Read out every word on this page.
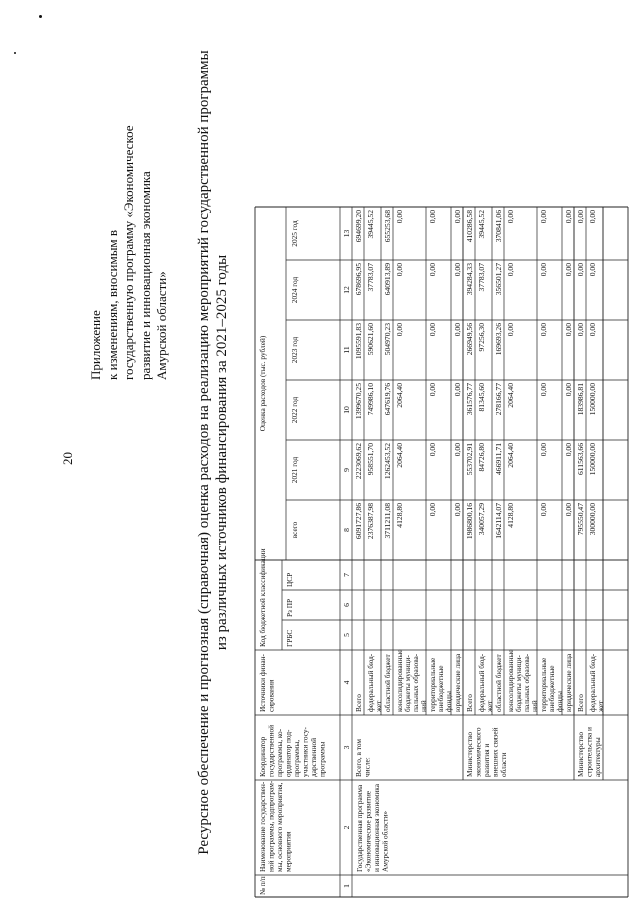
20
Приложение к изменениям, вносимым в государственную программу «Экономическое развитие и инновационная экономика Амурской области» Ресурсное обеспечение и прогнозная (справочная) оценка расходов на реализацию мероприятий государственной программы из различных источников финансирования за 2021–2025 годы
№ п/п
Наименование государствен- ной программы, подпрограм- мы, основного мероприятия, мероприятия
Координатор государственной программы, ко- ординатор под- программы, участники госу- дарственной программы
Источники финан- сирования
Код бюджетной классификации ГРБС
Рз ПР
ЦСР
Оценка расходов (тыс. рублей)
всего
2021 год
2022 год
2023 год
2024 год
2025 год
1
2
3
4
5
6
7
8
9
10
11
12
13
Государственная программа «Экономическое развитие и инновационная экономика Амурской области»
Всего, в том числе:
Всего
6091727,86
2223069,62
1399670,25
1095591,83
678696,95
694699,20
федеральный бюд- жет
2376387,98
958551,70
749986,10
590621,60
37783,07
39445,52
областной бюджет
3711211,08
1262453,52
647619,76
504970,23
640913,89
655253,68
консолидированные бюджеты муници- пальных образова- ний
4128,80
2064,40
2064,40
0,00
0,00
0,00
территориальные внебюджетные фонды
0,00
0,00
0,00
0,00
0,00
0,00
юридические лица
0,00
0,00
0,00
0,00
0,00
0,00
Министерство экономического развития и внешних связей области
Всего
1986800,16
553702,91
361576,77
266949,56
394284,33
410286,58
федеральный бюд- жет
340057,29
84726,80
81345,60
97256,30
37783,07
39445,52
областной бюджет
1642114,07
466911,71
278166,77
169693,26
356501,27
370841,06
консолидированные бюджеты муници- пальных образова- ний
4128,80
2064,40
2064,40
0,00
0,00
0,00
территориальные внебюджетные фонды
0,00
0,00
0,00
0,00
0,00
0,00
юридические лица
0,00
0,00
0,00
0,00
0,00
0,00
Министерство строительства и архитектуры
Всего
795550,47
611563,66
183986,81
0,00
0,00
0,00
федеральный бюд- жет
300000,00
150000,00
150000,00
0,00
0,00
0,00
